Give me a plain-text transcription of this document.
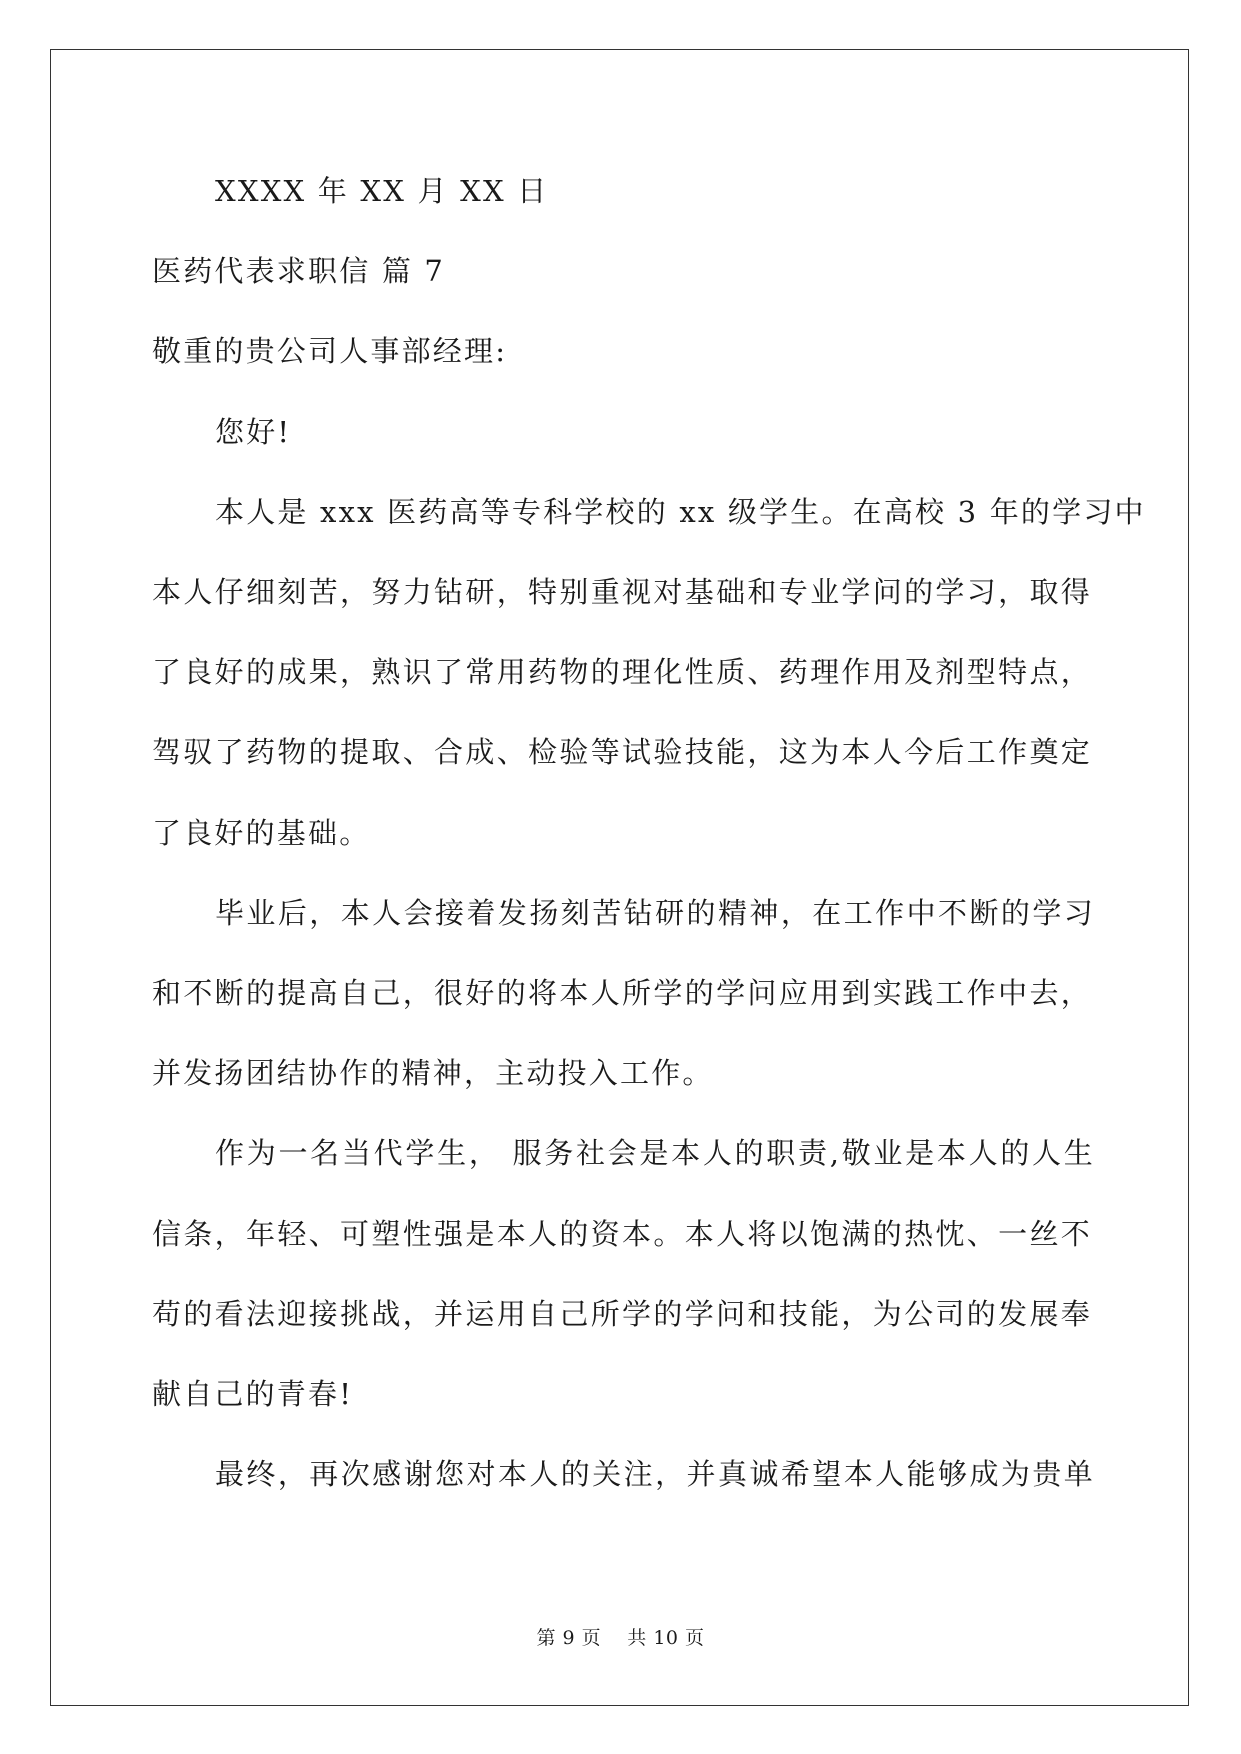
XXXX 年 XX 月 XX 日
医药代表求职信 篇 7
敬重的贵公司人事部经理:
您好!
本人是 xxx 医药高等专科学校的 xx 级学生。在高校 3 年的学习中
本人仔细刻苦，努力钻研，特别重视对基础和专业学问的学习，取得
了良好的成果，熟识了常用药物的理化性质、药理作用及剂型特点，
驾驭了药物的提取、合成、检验等试验技能，这为本人今后工作奠定
了良好的基础。
毕业后，本人会接着发扬刻苦钻研的精神，在工作中不断的学习
和不断的提高自己，很好的将本人所学的学问应用到实践工作中去，
并发扬团结协作的精神，主动投入工作。
作为一名当代学生， 服务社会是本人的职责,敬业是本人的人生
信条，年轻、可塑性强是本人的资本。本人将以饱满的热忱、一丝不
苟的看法迎接挑战，并运用自己所学的学问和技能，为公司的发展奉
献自己的青春!
最终，再次感谢您对本人的关注，并真诚希望本人能够成为贵单
第 9 页 共 10 页
